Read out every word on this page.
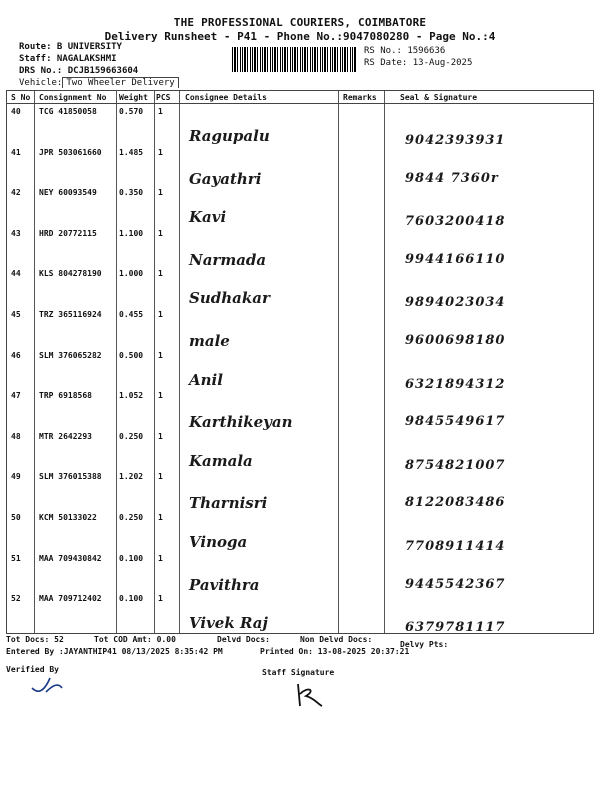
THE PROFESSIONAL COURIERS, COIMBATORE
Delivery Runsheet - P41 - Phone No.:9047080280 - Page No.:4
Route: B UNIVERSITY
Staff: NAGALAKSHMI
DRS No.: DCJB159663604
Vehicle: Two Wheeler Delivery
RS No.: 1596636
RS Date: 13-Aug-2025
S No Consignment No Weight PCS Consignee Details	Remarks	Seal & Signature
40 TCG 41850058	0.570 1
Ragupalu	9042393931
41 JPR 503061660 1.485 1
Gayathri	9844 7360r
42 NEY 60093549	0.350 1
Kavi	7603200418
43 HRD 20772115	1.100 1
Narmada	9944166110
44 KLS 804278190 1.000 1
Sudhakar	9894023034
45 TRZ 365116924 0.455 1
male	9600698180
46 SLM 376065282 0.500 1
Anil	6321894312
47 TRP 6918568	1.052 1
Karthikeyan	9845549617
48 MTR 2642293	0.250 1
Kamala	8754821007
49 SLM 376015388 1.202 1
Tharnisri	8122083486
50 KCM 50133022	0.250 1
Vinoga	7708911414
51 MAA 709430842 0.100 1
Pavithra	9445542367
52 MAA 709712402 0.100 1
Vivek Raj	6379781117
Tot Docs: 52	Tot COD Amt: 0.00	Delvd Docs:	Non Delvd Docs:
Delvy Pts:
Entered By :JAYANTHIP41 08/13/2025 8:35:42 PM	Printed On: 13-08-2025 20:37:21
Verified By	Staff Signature
